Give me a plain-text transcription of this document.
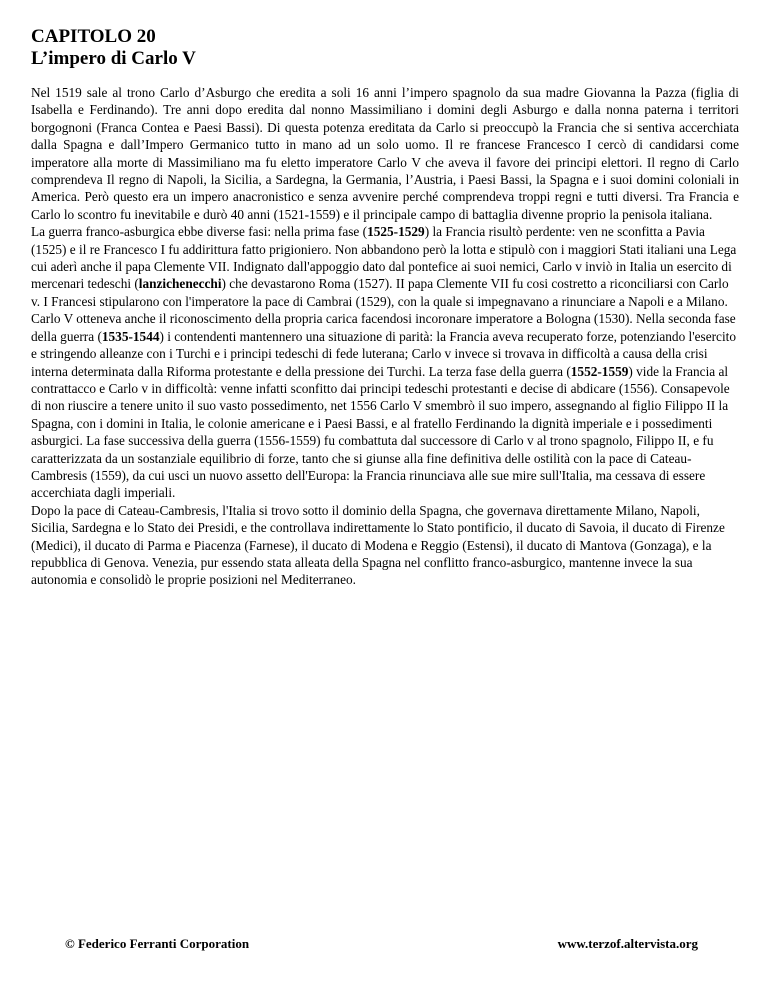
CAPITOLO 20
L’impero di Carlo V
Nel 1519 sale al trono Carlo d’Asburgo che eredita a soli 16 anni l’impero spagnolo da sua madre Giovanna la Pazza (figlia di Isabella e Ferdinando). Tre anni dopo eredita dal nonno Massimiliano i domini degli Asburgo e dalla nonna paterna i territori borgognoni (Franca Contea e Paesi Bassi). Di questa potenza ereditata da Carlo si preoccupò la Francia che si sentiva accerchiata dalla Spagna e dall’Impero Germanico tutto in mano ad un solo uomo. Il re francese Francesco I cercò di candidarsi come imperatore alla morte di Massimiliano ma fu eletto imperatore Carlo V che aveva il favore dei principi elettori. Il regno di Carlo comprendeva Il regno di Napoli, la Sicilia, a Sardegna, la Germania, l’Austria, i Paesi Bassi, la Spagna e i suoi domini coloniali in America. Però questo era un impero anacronistico e senza avvenire perché comprendeva troppi regni e tutti diversi. Tra Francia e Carlo lo scontro fu inevitabile e durò 40 anni (1521-1559) e il principale campo di battaglia divenne proprio la penisola italiana.
La guerra franco-asburgica ebbe diverse fasi: nella prima fase (1525-1529) la Francia risultò perdente: ven ne sconfitta a Pavia (1525) e il re Francesco I fu addirittura fatto prigioniero. Non abbandono però la lotta e stipulò con i maggiori Stati italiani una Lega cui aderì anche il papa Clemente VII. Indignato dall'appoggio dato dal pontefice ai suoi nemici, Carlo v inviò in Italia un esercito di mercenari tedeschi (lanzichenecchi) che devastarono Roma (1527). II papa Clemente VII fu cosi costretto a riconciliarsi con Carlo v. I Francesi stipularono con l'imperatore la pace di Cambrai (1529), con la quale si impegnavano a rinunciare a Napoli e a Milano. Carlo V otteneva anche il riconoscimento della propria carica facendosi incoronare imperatore a Bologna (1530). Nella seconda fase della guerra (1535-1544) i contendenti mantennero una situazione di parità: la Francia aveva recuperato forze, potenziando l'esercito e stringendo alleanze con i Turchi e i principi tedeschi di fede luterana; Carlo v invece si trovava in difficoltà a causa della crisi interna determinata dalla Riforma protestante e della pressione dei Turchi. La terza fase della guerra (1552-1559) vide la Francia al contrattacco e Carlo v in difficoltà: venne infatti sconfitto dai principi tedeschi protestanti e decise di abdicare (1556). Consapevole di non riuscire a tenere unito il suo vasto possedimento, net 1556 Carlo V smembrò il suo impero, assegnando al figlio Filippo II la Spagna, con i domini in Italia, le colonie americane e i Paesi Bassi, e al fratello Ferdinando la dignità imperiale e i possedimenti asburgici. La fase successiva della guerra (1556-1559) fu combattuta dal successore di Carlo v al trono spagnolo, Filippo II, e fu caratterizzata da un sostanziale equilibrio di forze, tanto che si giunse alla fine definitiva delle ostilità con la pace di Cateau-Cambresis (1559), da cui usci un nuovo assetto dell'Europa: la Francia rinunciava alle sue mire sull'Italia, ma cessava di essere accerchiata dagli imperiali.
Dopo la pace di Cateau-Cambresis, l'Italia si trovo sotto il dominio della Spagna, che governava direttamente Milano, Napoli, Sicilia, Sardegna e lo Stato dei Presidi, e the controllava indirettamente lo Stato pontificio, il ducato di Savoia, il ducato di Firenze (Medici), il ducato di Parma e Piacenza (Farnese), il ducato di Modena e Reggio (Estensi), il ducato di Mantova (Gonzaga), e la repubblica di Genova. Venezia, pur essendo stata alleata della Spagna nel conflitto franco-asburgico, mantenne invece la sua autonomia e consolidò le proprie posizioni nel Mediterraneo.
© Federico Ferranti Corporation	www.terzof.altervista.org
